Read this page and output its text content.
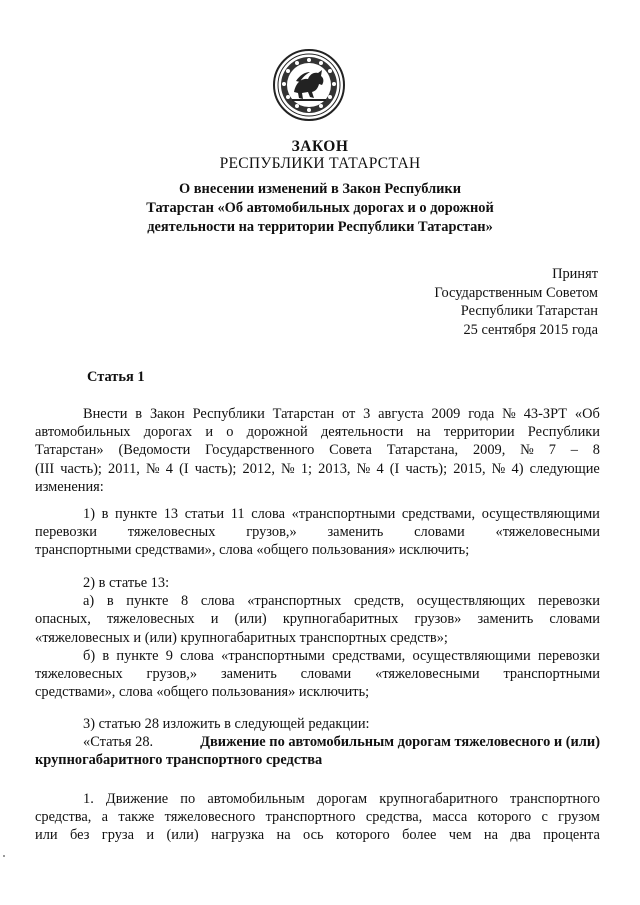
ЗАКОН
РЕСПУБЛИКИ ТАТАРСТАН
О внесении изменений в Закон Республики
Татарстан «Об автомобильных дорогах и о дорожной
деятельности на территории Республики Татарстан»
Принят
Государственным Советом
Республики Татарстан
25 сентября 2015 года
Статья 1
Внести в Закон Республики Татарстан от 3 августа 2009 года № 43-ЗРТ «Об
автомобильных дорогах и о дорожной деятельности на территории Республики
Татарстан» (Ведомости Государственного Совета Татарстана, 2009, № 7 – 8
(III часть); 2011, № 4 (I часть); 2012, № 1; 2013, № 4 (I часть); 2015, № 4) следующие
изменения:
1) в пункте 13 статьи 11 слова «транспортными средствами, осуществляющими
перевозки тяжеловесных грузов,» заменить словами «тяжеловесными
транспортными средствами», слова «общего пользования» исключить;
2) в статье 13:
а) в пункте 8 слова «транспортных средств, осуществляющих перевозки
опасных, тяжеловесных и (или) крупногабаритных грузов» заменить словами
«тяжеловесных и (или) крупногабаритных транспортных средств»;
б) в пункте 9 слова «транспортными средствами, осуществляющими перевозки
тяжеловесных грузов,» заменить словами «тяжеловесными транспортными
средствами», слова «общего пользования» исключить;
3) статью 28 изложить в следующей редакции:
«Статья 28.	Движение по автомобильным дорогам тяжеловесного и (или)
крупногабаритного транспортного средства
1. Движение по автомобильным дорогам крупногабаритного транспортного
средства, а также тяжеловесного транспортного средства, масса которого с грузом
или без груза и (или) нагрузка на ось которого более чем на два процента
